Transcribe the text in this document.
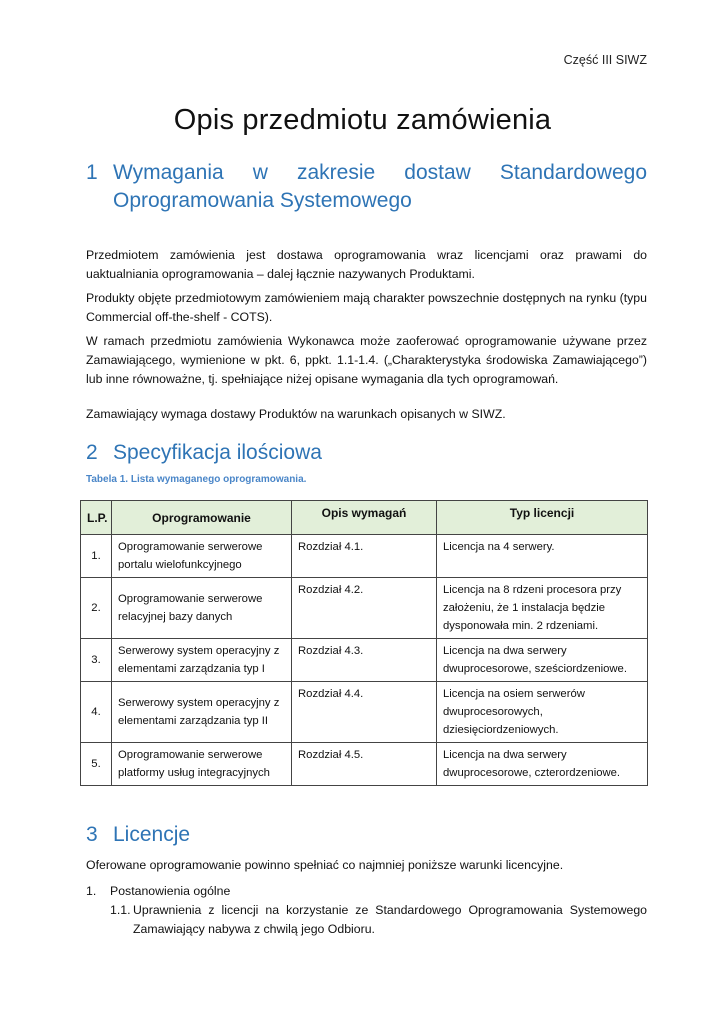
Część III SIWZ
Opis przedmiotu zamówienia
1 Wymagania w zakresie dostaw Standardowego
Oprogramowania Systemowego
Przedmiotem zamówienia jest dostawa oprogramowania wraz licencjami oraz prawami do uaktualniania oprogramowania – dalej łącznie nazywanych Produktami.
Produkty objęte przedmiotowym zamówieniem mają charakter powszechnie dostępnych na rynku (typu Commercial off-the-shelf - COTS).
W ramach przedmiotu zamówienia Wykonawca może zaoferować oprogramowanie używane przez Zamawiającego, wymienione w pkt. 6, ppkt. 1.1-1.4. („Charakterystyka środowiska Zamawiającego”) lub inne równoważne, tj. spełniające niżej opisane wymagania dla tych oprogramowań.
Zamawiający wymaga dostawy Produktów na warunkach opisanych w SIWZ.
2 Specyfikacja ilościowa
Tabela 1. Lista wymaganego oprogramowania.
L.P.	Oprogramowanie	Opis wymagań	Typ licencji
1.	Oprogramowanie serwerowe portalu wielofunkcyjnego	Rozdział 4.1.	Licencja na 4 serwery.
2.	Oprogramowanie serwerowe relacyjnej bazy danych	Rozdział 4.2.	Licencja na 8 rdzeni procesora przy założeniu, że 1 instalacja będzie dysponowała min. 2 rdzeniami.
3.	Serwerowy system operacyjny z elementami zarządzania typ I	Rozdział 4.3.	Licencja na dwa serwery dwuprocesorowe, sześciordzeniowe.
4.	Serwerowy system operacyjny z elementami zarządzania typ II	Rozdział 4.4.	Licencja na osiem serwerów dwuprocesorowych, dziesięciordzeniowych.
5.	Oprogramowanie serwerowe platformy usług integracyjnych	Rozdział 4.5.	Licencja na dwa serwery dwuprocesorowe, czterordzeniowe.
3 Licencje
Oferowane oprogramowanie powinno spełniać co najmniej poniższe warunki licencyjne.
1. Postanowienia ogólne
1.1. Uprawnienia z licencji na korzystanie ze Standardowego Oprogramowania Systemowego Zamawiający nabywa z chwilą jego Odbioru.
